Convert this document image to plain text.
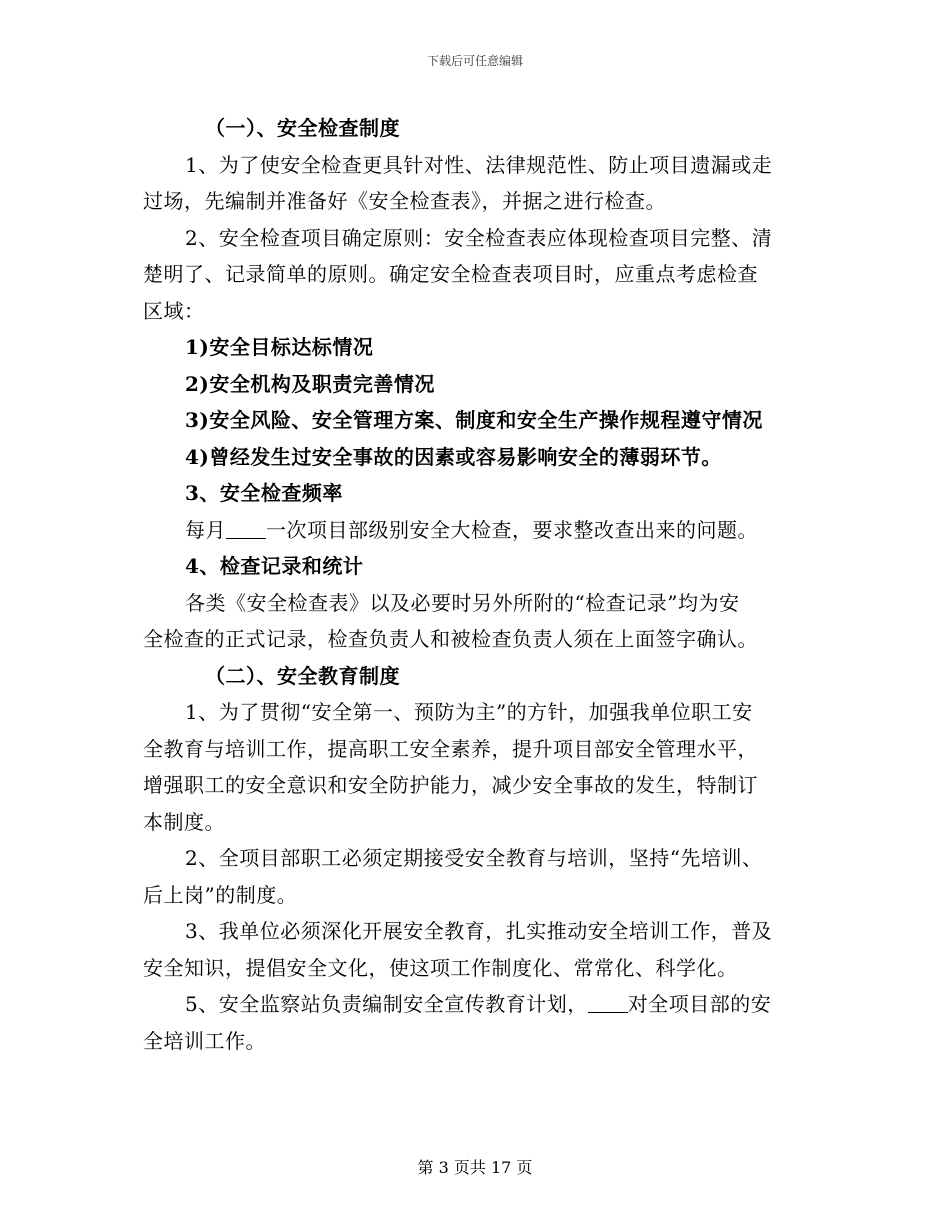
下载后可任意编辑
（一）、安全检查制度
1、为了使安全检查更具针对性、法律规范性、防止项目遗漏或走
过场，先编制并准备好《安全检查表》，并据之进行检查。
2、安全检查项目确定原则：安全检查表应体现检查项目完整、清
楚明了、记录简单的原则。确定安全检查表项目时，应重点考虑检查
区域：
1)安全目标达标情况
2)安全机构及职责完善情况
3)安全风险、安全管理方案、制度和安全生产操作规程遵守情况
4)曾经发生过安全事故的因素或容易影响安全的薄弱环节。
3、安全检查频率
每月 一次项目部级别安全大检查，要求整改查出来的问题。
4、检查记录和统计
各类《安全检查表》以及必要时另外所附的“检查记录”均为安
全检查的正式记录，检查负责人和被检查负责人须在上面签字确认。
（二）、安全教育制度
1、为了贯彻“安全第一、预防为主”的方针，加强我单位职工安
全教育与培训工作，提高职工安全素养，提升项目部安全管理水平，
增强职工的安全意识和安全防护能力，减少安全事故的发生，特制订
本制度。
2、全项目部职工必须定期接受安全教育与培训，坚持“先培训、
后上岗”的制度。
3、我单位必须深化开展安全教育，扎实推动安全培训工作，普及
安全知识，提倡安全文化，使这项工作制度化、常常化、科学化。
5、安全监察站负责编制安全宣传教育计划， 对全项目部的安
全培训工作。
第 3 页共 17 页
